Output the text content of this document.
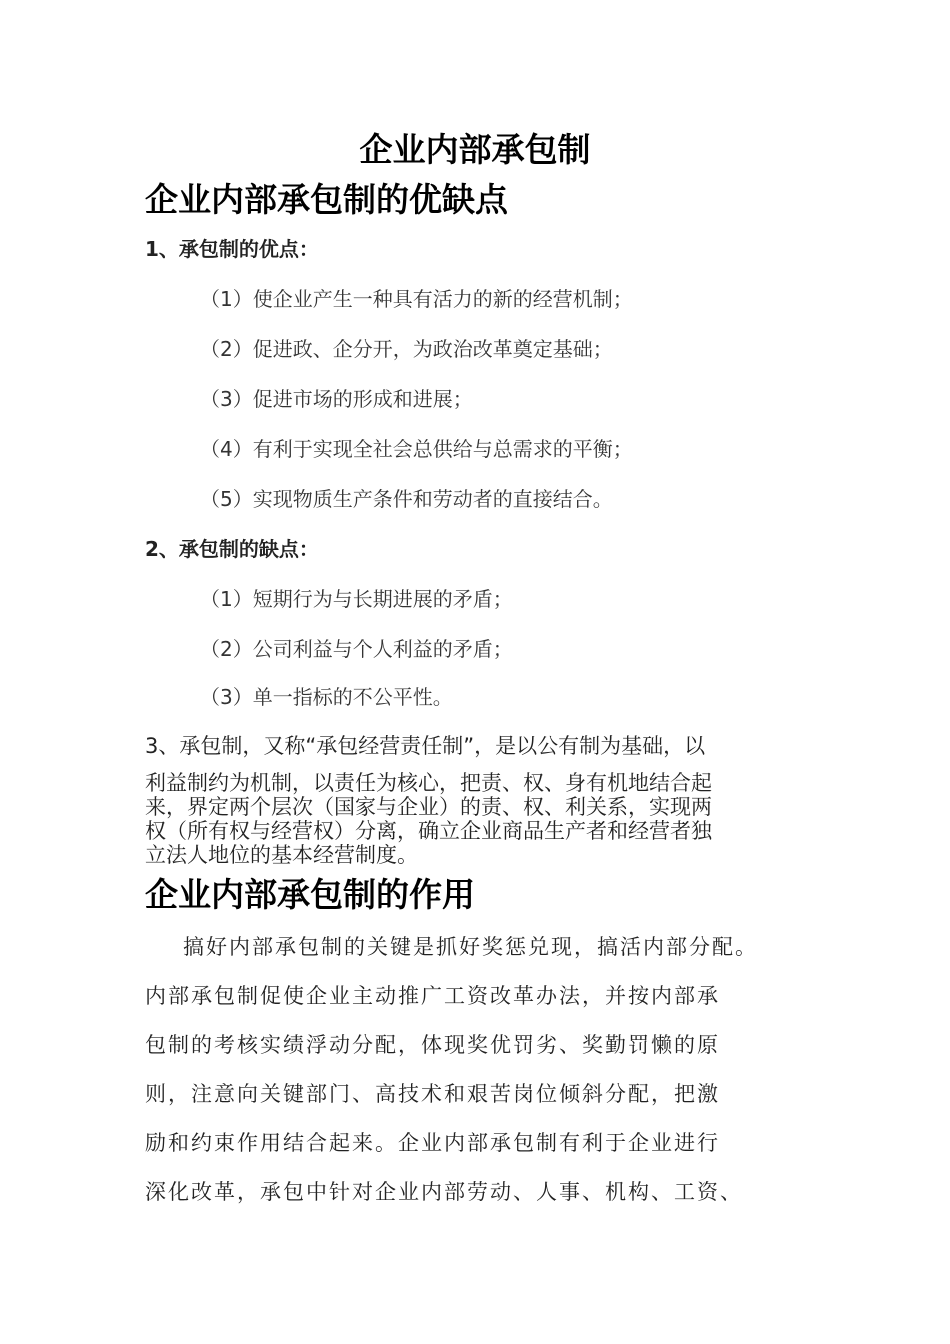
企业内部承包制
企业内部承包制的优缺点

1、承包制的优点：

（1）使企业产生一种具有活力的新的经营机制；

（2）促进政、企分开，为政治改革奠定基础；

（3）促进市场的形成和进展；

（4）有利于实现全社会总供给与总需求的平衡；

（5）实现物质生产条件和劳动者的直接结合。

2、承包制的缺点：

（1）短期行为与长期进展的矛盾；

（2）公司利益与个人利益的矛盾；

（3）单一指标的不公平性。

3、承包制，又称“承包经营责任制”，是以公有制为基础，以
利益制约为机制，以责任为核心，把责、权、身有机地结合起
来，界定两个层次（国家与企业）的责、权、利关系，实现两
权（所有权与经营权）分离，确立企业商品生产者和经营者独
立法人地位的基本经营制度。
企业内部承包制的作用
搞好内部承包制的关键是抓好奖惩兑现，搞活内部分配。
内部承包制促使企业主动推广工资改革办法，并按内部承
包制的考核实绩浮动分配，体现奖优罚劣、奖勤罚懒的原
则，注意向关键部门、高技术和艰苦岗位倾斜分配，把激
励和约束作用结合起来。企业内部承包制有利于企业进行
深化改革，承包中针对企业内部劳动、人事、机构、工资、
